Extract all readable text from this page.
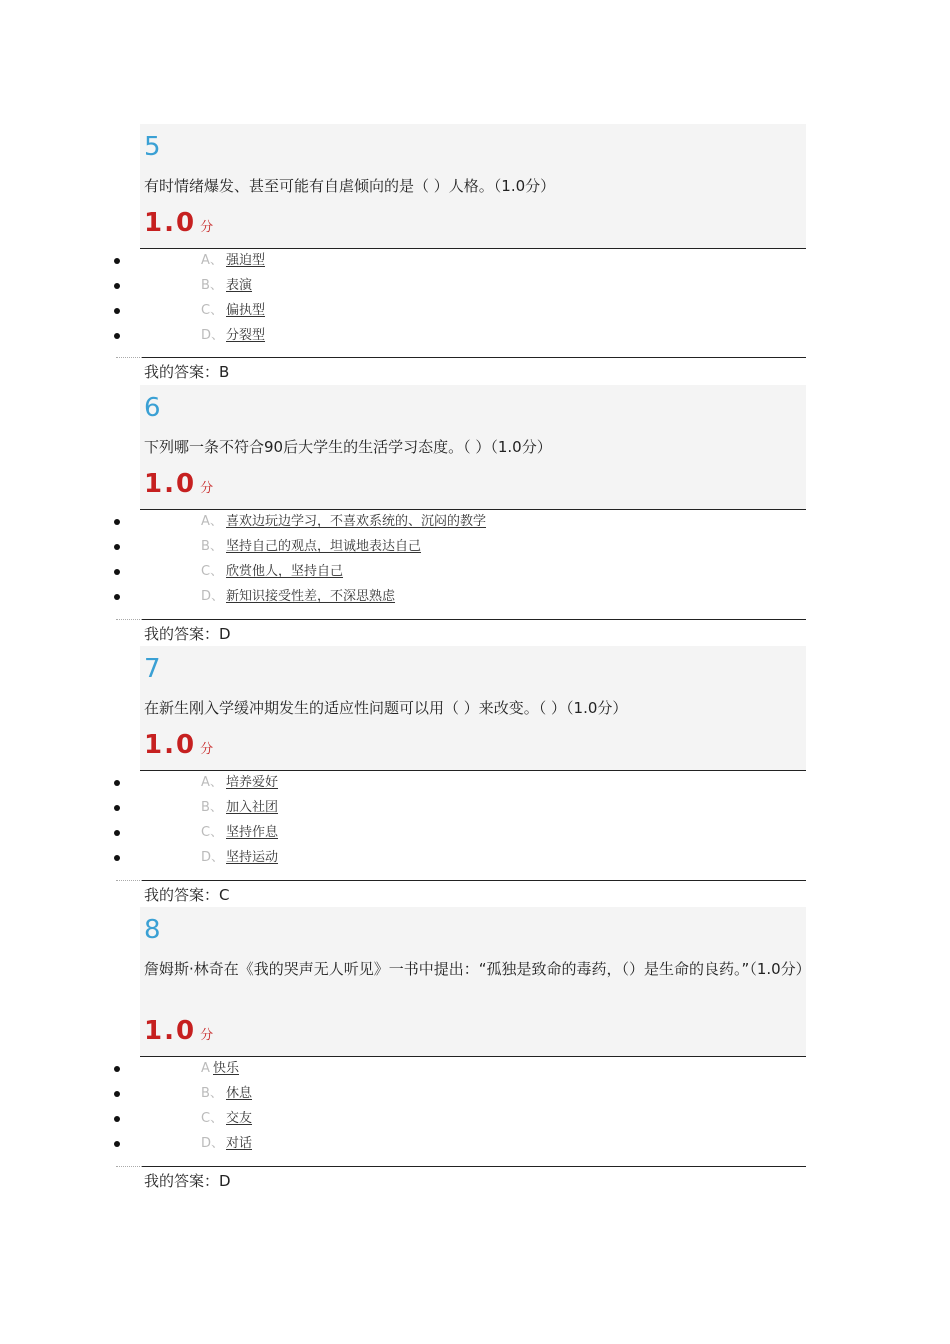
5
有时情绪爆发、甚至可能有自虐倾向的是（ ）人格。（1.0分）
1.0 分
A、 强迫型
B、 表演
C、 偏执型
D、 分裂型
我的答案：B
6
下列哪一条不符合90后大学生的生活学习态度。（ ）（1.0分）
1.0 分
A、 喜欢边玩边学习，不喜欢系统的、沉闷的教学
B、 坚持自己的观点，坦诚地表达自己
C、 欣赏他人，坚持自己
D、 新知识接受性差，不深思熟虑
我的答案：D
7
在新生刚入学缓冲期发生的适应性问题可以用（ ）来改变。（ ）（1.0分）
1.0 分
A、 培养爱好
B、 加入社团
C、 坚持作息
D、 坚持运动
我的答案：C
8
詹姆斯·林奇在《我的哭声无人听见》一书中提出：“孤独是致命的毒药，（）是生命的良药。”（1.0分）
1.0 分
A 快乐
B、 休息
C、 交友
D、 对话
我的答案：D
